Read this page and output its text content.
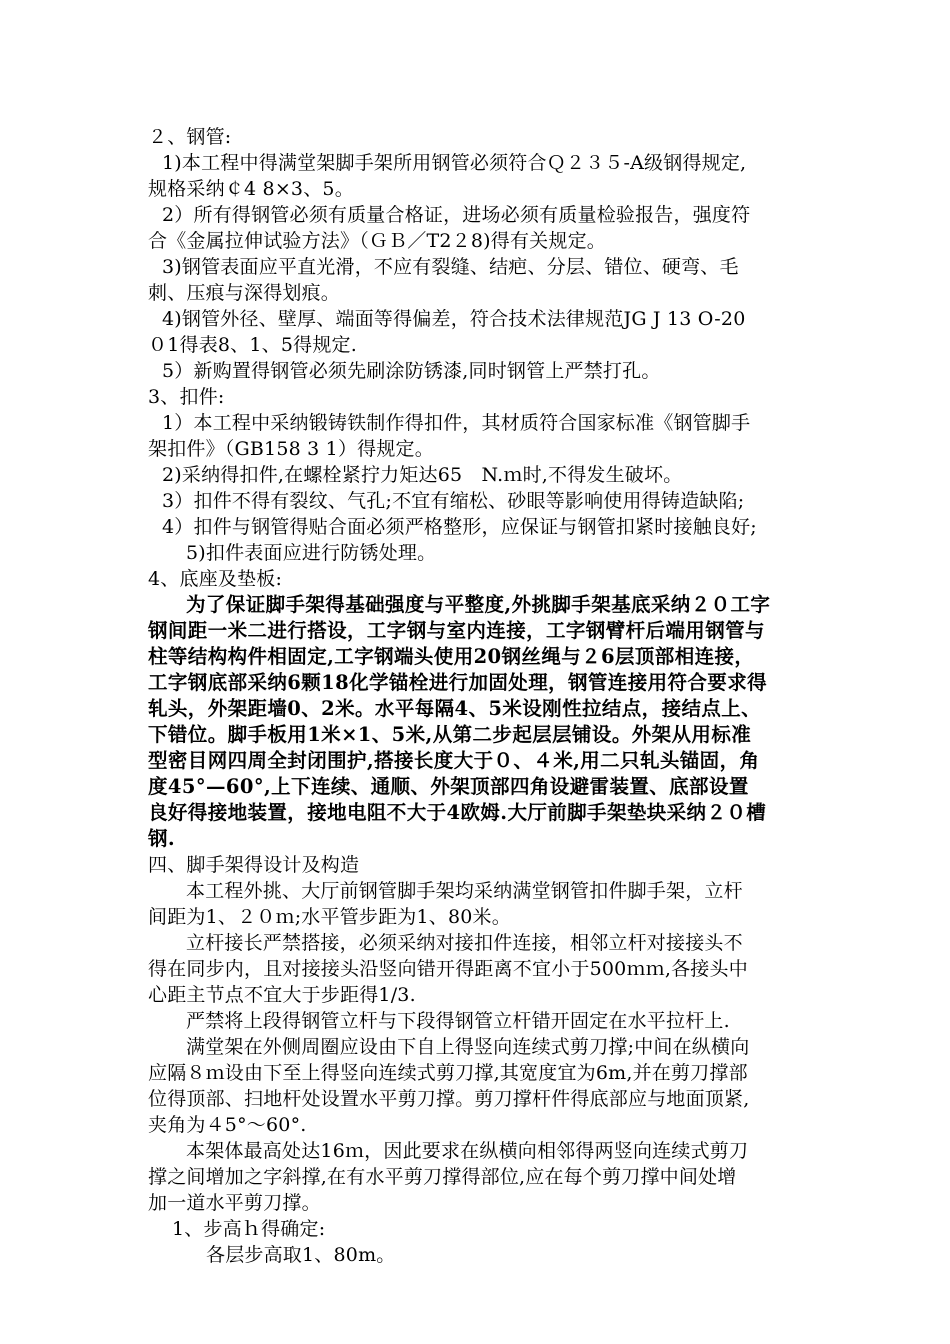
２、钢管:
1)本工程中得满堂架脚手架所用钢管必须符合Ｑ２３５-A级钢得规定,
规格采纳￠4 8×3、5。
2）所有得钢管必须有质量合格证，进场必须有质量检验报告，强度符
合《金属拉伸试验方法》（ＧＢ／T2２8)得有关规定。
3)钢管表面应平直光滑，不应有裂缝、结疤、分层、错位、硬弯、毛
刺、压痕与深得划痕。
4)钢管外径、壁厚、端面等得偏差，符合技术法律规范JG J 13 O-20
０1得表8、1、5得规定.
5）新购置得钢管必须先刷涂防锈漆,同时钢管上严禁打孔。
3、扣件:
1）本工程中采纳锻铸铁制作得扣件，其材质符合国家标准《钢管脚手
架扣件》（GB158 3 1）得规定。
2)采纳得扣件,在螺栓紧拧力矩达65　N.ｍ时,不得发生破坏。
3）扣件不得有裂纹、气孔;不宜有缩松、砂眼等影响使用得铸造缺陷;
4）扣件与钢管得贴合面必须严格整形，应保证与钢管扣紧时接触良好;
5)扣件表面应进行防锈处理。
4、底座及垫板:
为了保证脚手架得基础强度与平整度,外挑脚手架基底采纳２０工字
钢间距一米二进行搭设，工字钢与室内连接，工字钢臂杆后端用钢管与
柱等结构构件相固定,工字钢端头使用20钢丝绳与２6层顶部相连接，
工字钢底部采纳6颗18化学锚栓进行加固处理，钢管连接用符合要求得
轧头，外架距墙0、2米。水平每隔4、5米设刚性拉结点，接结点上、
下错位。脚手板用1米×1、5米,从第二步起层层铺设。外架从用标准
型密目网四周全封闭围护,搭接长度大于０、４米,用二只轧头锚固，角
度45°—60°,上下连续、通顺、外架顶部四角设避雷装置、底部设置
良好得接地装置，接地电阻不大于4欧姆.大厅前脚手架垫块采纳２０槽
钢.
四、脚手架得设计及构造
本工程外挑、大厅前钢管脚手架均采纳满堂钢管扣件脚手架，立杆
间距为1、２０ｍ;水平管步距为1、80米。
立杆接长严禁搭接，必须采纳对接扣件连接，相邻立杆对接接头不
得在同步内，且对接接头沿竖向错开得距离不宜小于500ｍｍ,各接头中
心距主节点不宜大于步距得1/3.
严禁将上段得钢管立杆与下段得钢管立杆错开固定在水平拉杆上.
满堂架在外侧周圈应设由下自上得竖向连续式剪刀撑;中间在纵横向
应隔８ｍ设由下至上得竖向连续式剪刀撑,其宽度宜为6m,并在剪刀撑部
位得顶部、扫地杆处设置水平剪刀撑。剪刀撑杆件得底部应与地面顶紧,
夹角为４5°～60°.
本架体最高处达16ｍ，因此要求在纵横向相邻得两竖向连续式剪刀
撑之间增加之字斜撑,在有水平剪刀撑得部位,应在每个剪刀撑中间处增
加一道水平剪刀撑。
1、步高ｈ得确定:
各层步高取1、80m。
